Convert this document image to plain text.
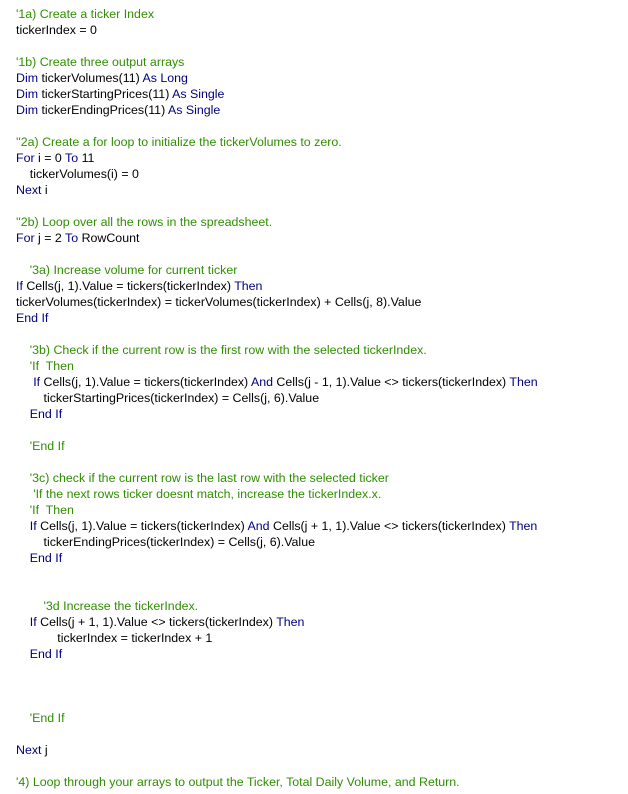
'1a) Create a ticker Index
tickerIndex = 0
'1b) Create three output arrays
Dim tickerVolumes(11) As Long
Dim tickerStartingPrices(11) As Single
Dim tickerEndingPrices(11) As Single
''2a) Create a for loop to initialize the tickerVolumes to zero.
For i = 0 To 11
tickerVolumes(i) = 0
Next i
''2b) Loop over all the rows in the spreadsheet.
For j = 2 To RowCount
'3a) Increase volume for current ticker
If Cells(j, 1).Value = tickers(tickerIndex) Then
tickerVolumes(tickerIndex) = tickerVolumes(tickerIndex) + Cells(j, 8).Value
End If
'3b) Check if the current row is the first row with the selected tickerIndex.
'If  Then
If Cells(j, 1).Value = tickers(tickerIndex) And Cells(j - 1, 1).Value <> tickers(tickerIndex) Then
tickerStartingPrices(tickerIndex) = Cells(j, 6).Value
End If
'End If
'3c) check if the current row is the last row with the selected ticker
'If the next rows ticker doesnt match, increase the tickerIndex.x.
'If  Then
If Cells(j, 1).Value = tickers(tickerIndex) And Cells(j + 1, 1).Value <> tickers(tickerIndex) Then
tickerEndingPrices(tickerIndex) = Cells(j, 6).Value
End If
'3d Increase the tickerIndex.
If Cells(j + 1, 1).Value <> tickers(tickerIndex) Then
tickerIndex = tickerIndex + 1
End If
'End If
Next j
'4) Loop through your arrays to output the Ticker, Total Daily Volume, and Return.
